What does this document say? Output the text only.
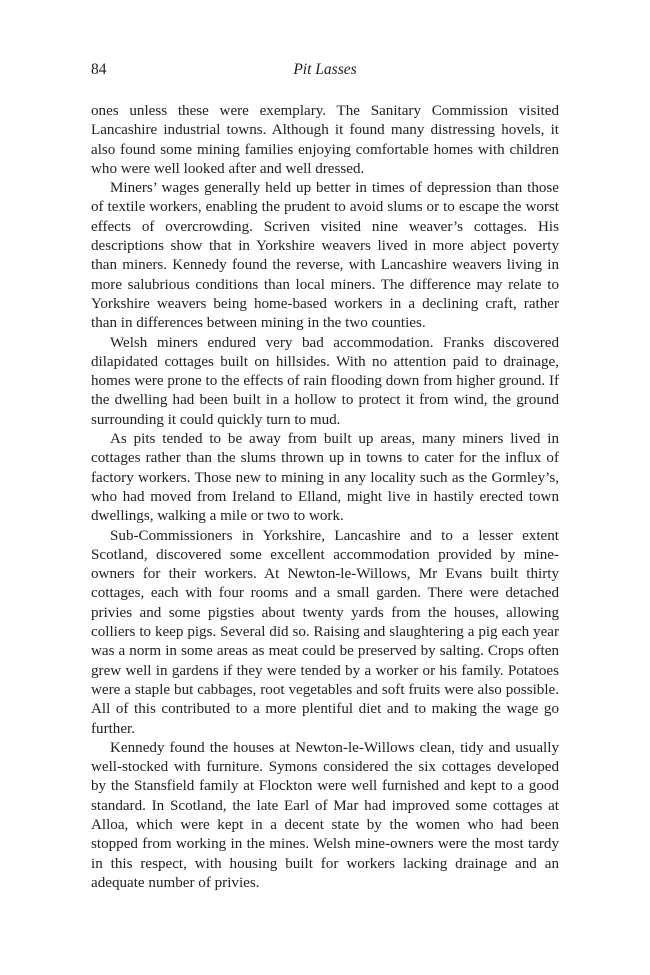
84	Pit Lasses

ones unless these were exemplary. The Sanitary Commission visited Lancashire industrial towns. Although it found many distressing hovels, it also found some mining families enjoying comfortable homes with children who were well looked after and well dressed.

Miners’ wages generally held up better in times of depression than those of textile workers, enabling the prudent to avoid slums or to escape the worst effects of overcrowding. Scriven visited nine weaver’s cottages. His descriptions show that in Yorkshire weavers lived in more abject poverty than miners. Kennedy found the reverse, with Lancashire weavers living in more salubrious conditions than local miners. The difference may relate to Yorkshire weavers being home-based workers in a declining craft, rather than in differences between mining in the two counties.

Welsh miners endured very bad accommodation. Franks discovered dilapidated cottages built on hillsides. With no attention paid to drainage, homes were prone to the effects of rain flooding down from higher ground. If the dwelling had been built in a hollow to protect it from wind, the ground surrounding it could quickly turn to mud.

As pits tended to be away from built up areas, many miners lived in cottages rather than the slums thrown up in towns to cater for the influx of factory workers. Those new to mining in any locality such as the Gormley’s, who had moved from Ireland to Elland, might live in hastily erected town dwellings, walking a mile or two to work.

Sub-Commissioners in Yorkshire, Lancashire and to a lesser extent Scotland, discovered some excellent accommodation provided by mine-owners for their workers. At Newton-le-Willows, Mr Evans built thirty cottages, each with four rooms and a small garden. There were detached privies and some pigsties about twenty yards from the houses, allowing colliers to keep pigs. Several did so. Raising and slaughtering a pig each year was a norm in some areas as meat could be preserved by salting. Crops often grew well in gardens if they were tended by a worker or his family. Potatoes were a staple but cabbages, root vegetables and soft fruits were also possible. All of this contributed to a more plentiful diet and to making the wage go further.

Kennedy found the houses at Newton-le-Willows clean, tidy and usually well-stocked with furniture. Symons considered the six cottages developed by the Stansfield family at Flockton were well furnished and kept to a good standard. In Scotland, the late Earl of Mar had improved some cottages at Alloa, which were kept in a decent state by the women who had been stopped from working in the mines. Welsh mine-owners were the most tardy in this respect, with housing built for workers lacking drainage and an adequate number of privies.
